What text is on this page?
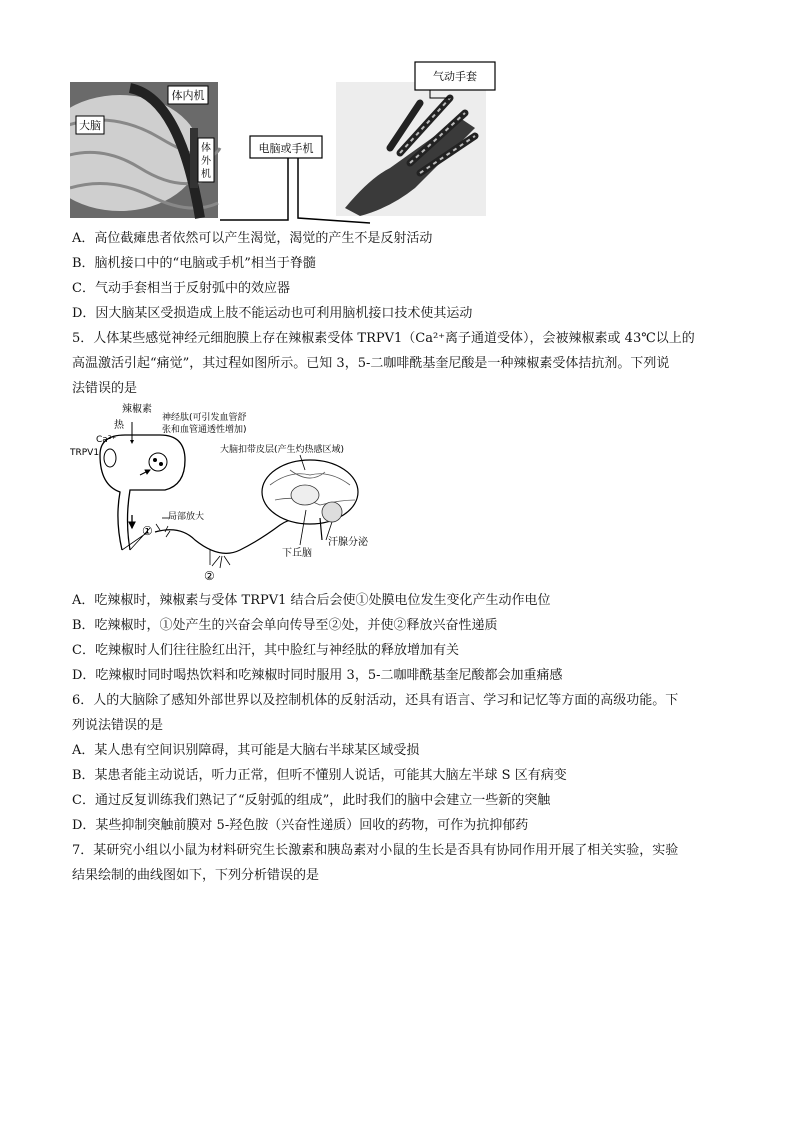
体内机
大脑
体
外
机
电脑或手机
气动手套
A．高位截瘫患者依然可以产生渴觉，渴觉的产生不是反射活动
B．脑机接口中的“电脑或手机”相当于脊髓
C．气动手套相当于反射弧中的效应器
D．因大脑某区受损造成上肢不能运动也可利用脑机接口技术使其运动
5．人体某些感觉神经元细胞膜上存在辣椒素受体 TRPV1（Ca²⁺离子通道受体），会被辣椒素或 43℃以上的
高温激活引起“痛觉”，其过程如图所示。已知 3，5-二咖啡酰基奎尼酸是一种辣椒素受体拮抗剂。下列说
法错误的是
辣椒素
热
Ca²⁺
TRPV1
神经肽(可引发血管舒
张和血管通透性增加)
①
局部放大
②
大脑扣带皮层(产生灼热感区域)
下丘脑
汗腺分泌
A．吃辣椒时，辣椒素与受体 TRPV1 结合后会使①处膜电位发生变化产生动作电位
B．吃辣椒时，①处产生的兴奋会单向传导至②处，并使②释放兴奋性递质
C．吃辣椒时人们往往脸红出汗，其中脸红与神经肽的释放增加有关
D．吃辣椒时同时喝热饮料和吃辣椒时同时服用 3，5-二咖啡酰基奎尼酸都会加重痛感
6．人的大脑除了感知外部世界以及控制机体的反射活动，还具有语言、学习和记忆等方面的高级功能。下
列说法错误的是
A．某人患有空间识别障碍，其可能是大脑右半球某区域受损
B．某患者能主动说话，听力正常，但听不懂别人说话，可能其大脑左半球 S 区有病变
C．通过反复训练我们熟记了“反射弧的组成”，此时我们的脑中会建立一些新的突触
D．某些抑制突触前膜对 5-羟色胺（兴奋性递质）回收的药物，可作为抗抑郁药
7．某研究小组以小鼠为材料研究生长激素和胰岛素对小鼠的生长是否具有协同作用开展了相关实验，实验
结果绘制的曲线图如下，下列分析错误的是
